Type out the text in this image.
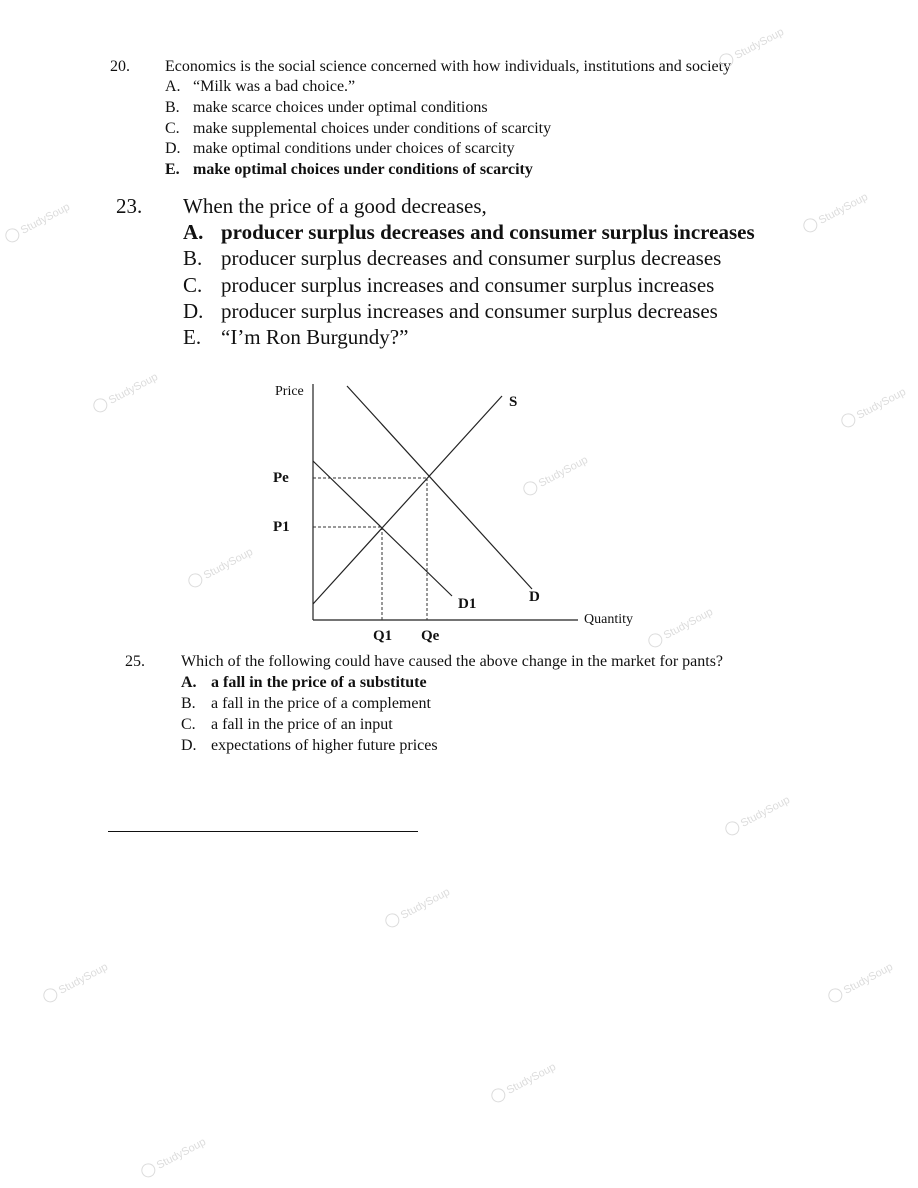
20. Economics is the social science concerned with how individuals, institutions and society
A. “Milk was a bad choice.”
B. make scarce choices under optimal conditions
C. make supplemental choices under conditions of scarcity
D. make optimal conditions under choices of scarcity
E. make optimal choices under conditions of scarcity
23. When the price of a good decreases,
A. producer surplus decreases and consumer surplus increases
B. producer surplus decreases and consumer surplus decreases
C. producer surplus increases and consumer surplus increases
D. producer surplus increases and consumer surplus decreases
E. “I’m Ron Burgundy?”
Price
Quantity
S
D
D1
Pe
P1
Q1 Qe
25. Which of the following could have caused the above change in the market for pants?
A. a fall in the price of a substitute
B. a fall in the price of a complement
C. a fall in the price of an input
D. expectations of higher future prices
StudySoup
StudySoup	StudySoup
StudySoup	StudySoup
StudySoup
StudySoup
StudySoup
StudySoup
StudySoup
StudySoup	StudySoup
StudySoup
StudySoup
